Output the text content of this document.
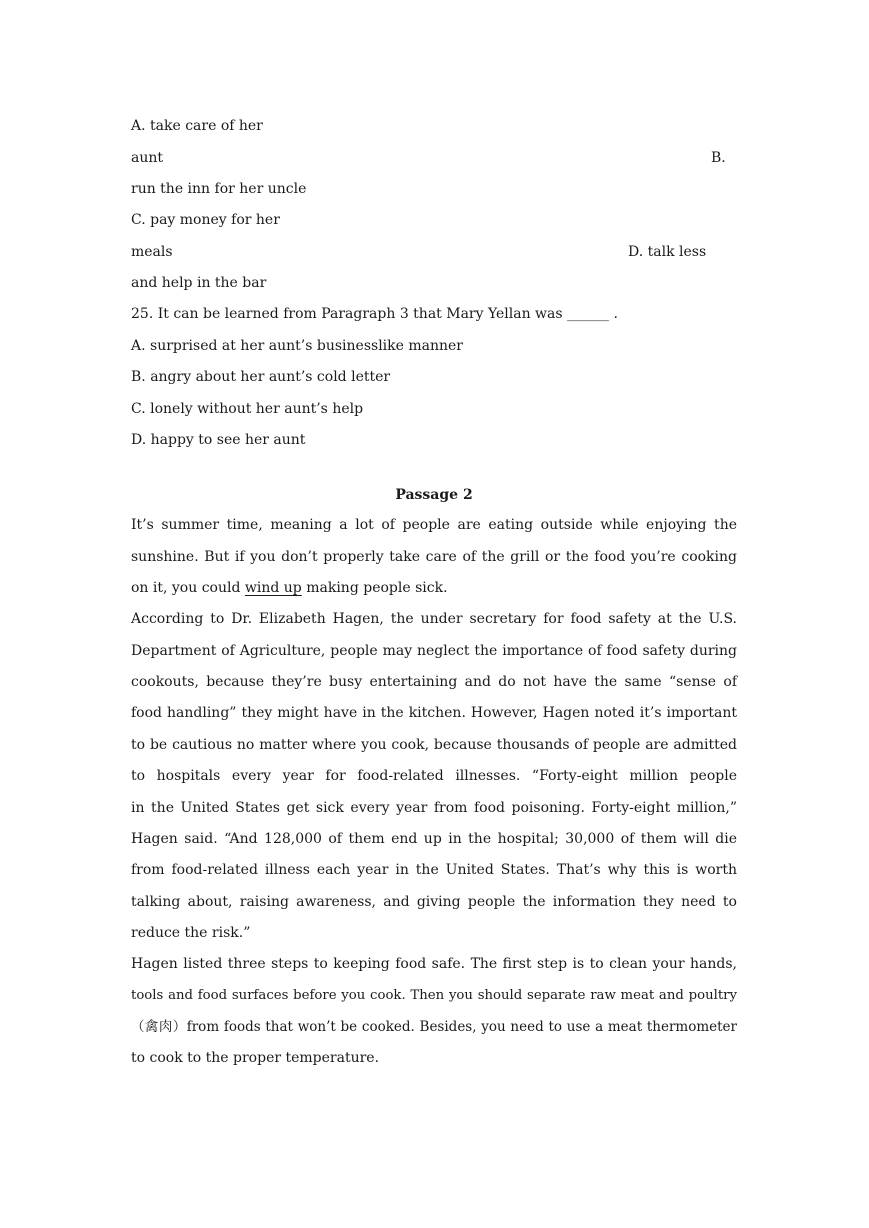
A. take care of her
aunt	B.
run the inn for her uncle
C. pay money for her
meals	D. talk less
and help in the bar
25. It can be learned from Paragraph 3 that Mary Yellan was ______ .
A. surprised at her aunt’s businesslike manner
B. angry about her aunt’s cold letter
C. lonely without her aunt’s help
D. happy to see her aunt
Passage 2
It’s summer time, meaning a lot of people are eating outside while enjoying the
sunshine. But if you don’t properly take care of the grill or the food you’re cooking
on it, you could wind up making people sick.
According to Dr. Elizabeth Hagen, the under secretary for food safety at the U.S.
Department of Agriculture, people may neglect the importance of food safety during
cookouts, because they’re busy entertaining and do not have the same “sense of
food handling” they might have in the kitchen. However, Hagen noted it’s important
to be cautious no matter where you cook, because thousands of people are admitted
to hospitals every year for food-related illnesses. “Forty-eight million people
in the United States get sick every year from food poisoning. Forty-eight million,”
Hagen said. “And 128,000 of them end up in the hospital; 30,000 of them will die
from food-related illness each year in the United States. That’s why this is worth
talking about, raising awareness, and giving people the information they need to
reduce the risk.”
Hagen listed three steps to keeping food safe. The first step is to clean your hands,
tools and food surfaces before you cook. Then you should separate raw meat and poultry
（禽肉）from foods that won’t be cooked. Besides, you need to use a meat thermometer
to cook to the proper temperature.
